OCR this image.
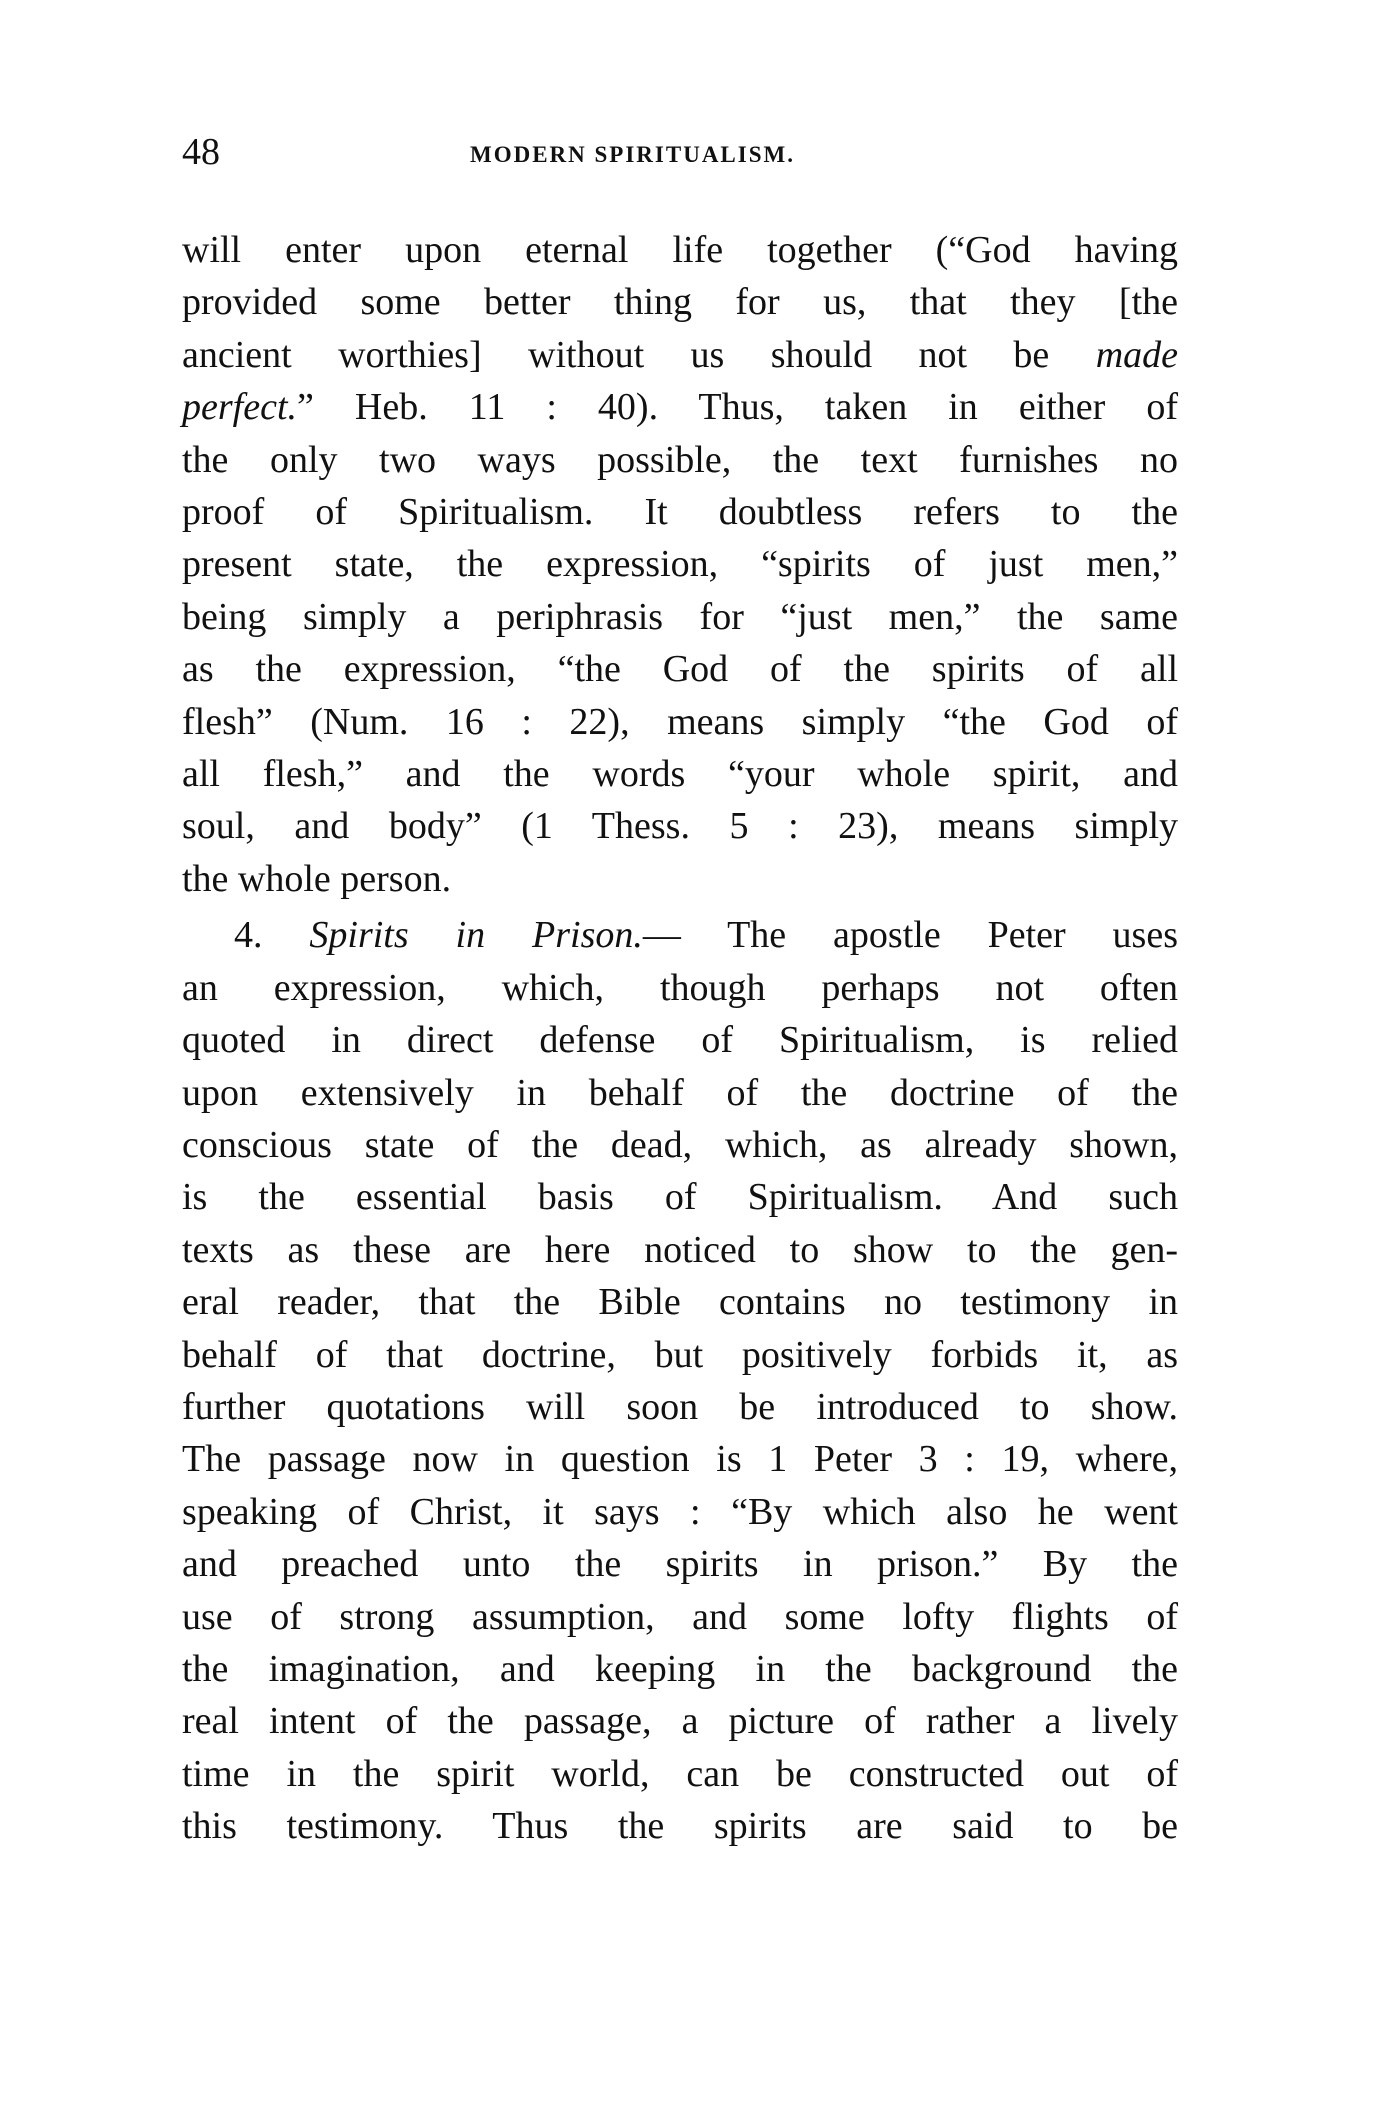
48	MODERN SPIRITUALISM.
will enter upon eternal life together (“God having
provided some better thing for us, that they [the
ancient worthies] without us should not be made
perfect.” Heb. 11 : 40). Thus, taken in either of
the only two ways possible, the text furnishes no
proof of Spiritualism. It doubtless refers to the
present state, the expression, “spirits of just men,”
being simply a periphrasis for “just men,” the same
as the expression, “the God of the spirits of all
flesh” (Num. 16 : 22), means simply “the God of
all flesh,” and the words “your whole spirit, and
soul, and body” (1 Thess. 5 : 23), means simply
the whole person.
4. Spirits in Prison.— The apostle Peter uses
an expression, which, though perhaps not often
quoted in direct defense of Spiritualism, is relied
upon extensively in behalf of the doctrine of the
conscious state of the dead, which, as already shown,
is the essential basis of Spiritualism. And such
texts as these are here noticed to show to the gen-
eral reader, that the Bible contains no testimony in
behalf of that doctrine, but positively forbids it, as
further quotations will soon be introduced to show.
The passage now in question is 1 Peter 3 : 19, where,
speaking of Christ, it says : “By which also he went
and preached unto the spirits in prison.” By the
use of strong assumption, and some lofty flights of
the imagination, and keeping in the background the
real intent of the passage, a picture of rather a lively
time in the spirit world, can be constructed out of
this testimony. Thus the spirits are said to be
